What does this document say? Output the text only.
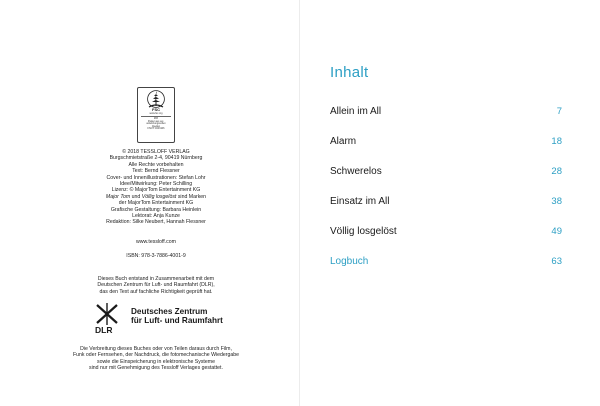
FSC
www.fsc.org
MIX
Papier aus ver-
antwortungsvollen
Quellen
FSC® C043106
© 2018 TESSLOFF VERLAG
Burgschmietstraße 2-4, 90419 Nürnberg
Alle Rechte vorbehalten
Text: Bernd Flessner
Cover- und Innenillustrationen: Stefan Lohr
Idee/Mitwirkung: Peter Schilling
Lizenz: © MajorTom Entertainment KG
Major Tom und Völlig losgelöst sind Marken
der MajorTom Entertainment KG
Grafische Gestaltung: Barbara Heinlein
Lektorat: Anja Kunze
Redaktion: Silke Neubert, Hannah Flessner
www.tessloff.com
ISBN: 978-3-7886-4001-9
Dieses Buch entstand in Zusammenarbeit mit dem
Deutschen Zentrum für Luft- und Raumfahrt (DLR),
das den Text auf fachliche Richtigkeit geprüft hat.
DLR
Deutsches Zentrum
für Luft- und Raumfahrt
Die Verbreitung dieses Buches oder von Teilen daraus durch Film,
Funk oder Fernsehen, der Nachdruck, die fotomechanische Wiedergabe
sowie die Einspeicherung in elektronische Systeme
sind nur mit Genehmigung des Tessloff Verlages gestattet.
Inhalt
Allein im All	7
Alarm	18
Schwerelos	28
Einsatz im All	38
Völlig losgelöst	49
Logbuch	63
